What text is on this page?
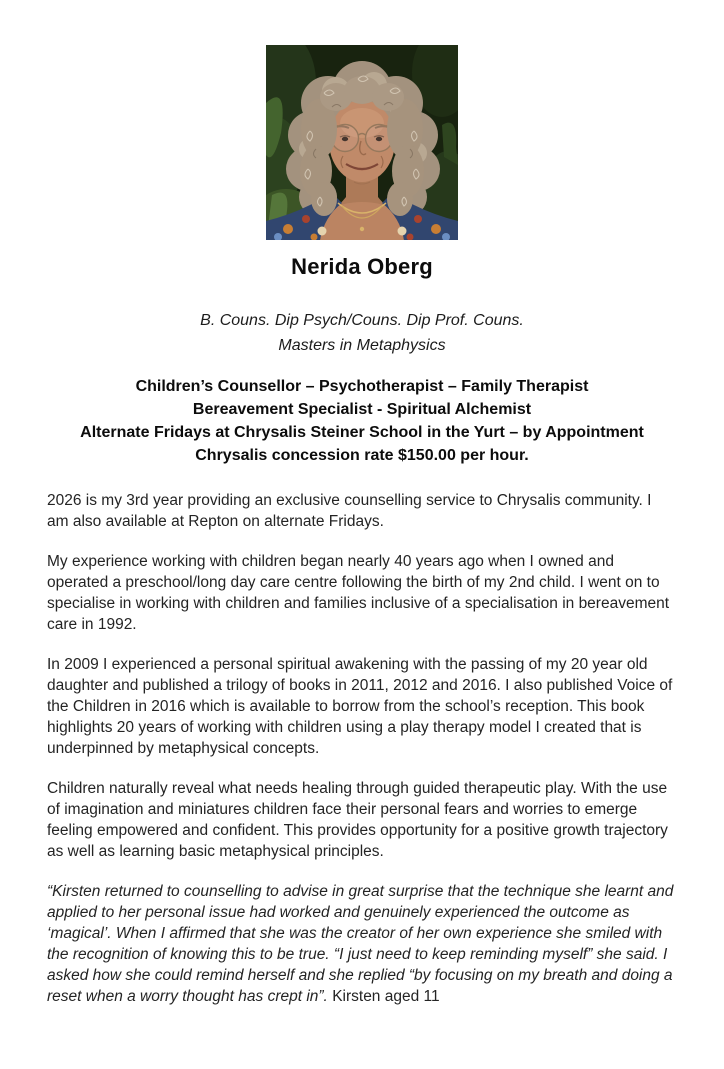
Nerida Oberg
B. Couns. Dip Psych/Couns. Dip Prof. Couns.
Masters in Metaphysics
Children’s Counsellor – Psychotherapist – Family Therapist
Bereavement Specialist - Spiritual Alchemist
Alternate Fridays at Chrysalis Steiner School in the Yurt – by Appointment
Chrysalis concession rate $150.00 per hour.

2026 is my 3rd year providing an exclusive counselling service to Chrysalis community. I am also available at Repton on alternate Fridays.

My experience working with children began nearly 40 years ago when I owned and operated a preschool/long day care centre following the birth of my 2nd child. I went on to specialise in working with children and families inclusive of a specialisation in bereavement care in 1992.

In 2009 I experienced a personal spiritual awakening with the passing of my 20 year old daughter and published a trilogy of books in 2011, 2012 and 2016. I also published Voice of the Children in 2016 which is available to borrow from the school’s reception. This book highlights 20 years of working with children using a play therapy model I created that is underpinned by metaphysical concepts.

Children naturally reveal what needs healing through guided therapeutic play. With the use of imagination and miniatures children face their personal fears and worries to emerge feeling empowered and confident. This provides opportunity for a positive growth trajectory as well as learning basic metaphysical principles.

“Kirsten returned to counselling to advise in great surprise that the technique she learnt and applied to her personal issue had worked and genuinely experienced the outcome as ‘magical’. When I affirmed that she was the creator of her own experience she smiled with the recognition of knowing this to be true. “I just need to keep reminding myself” she said. I asked how she could remind herself and she replied “by focusing on my breath and doing a reset when a worry thought has crept in”. Kirsten aged 11
